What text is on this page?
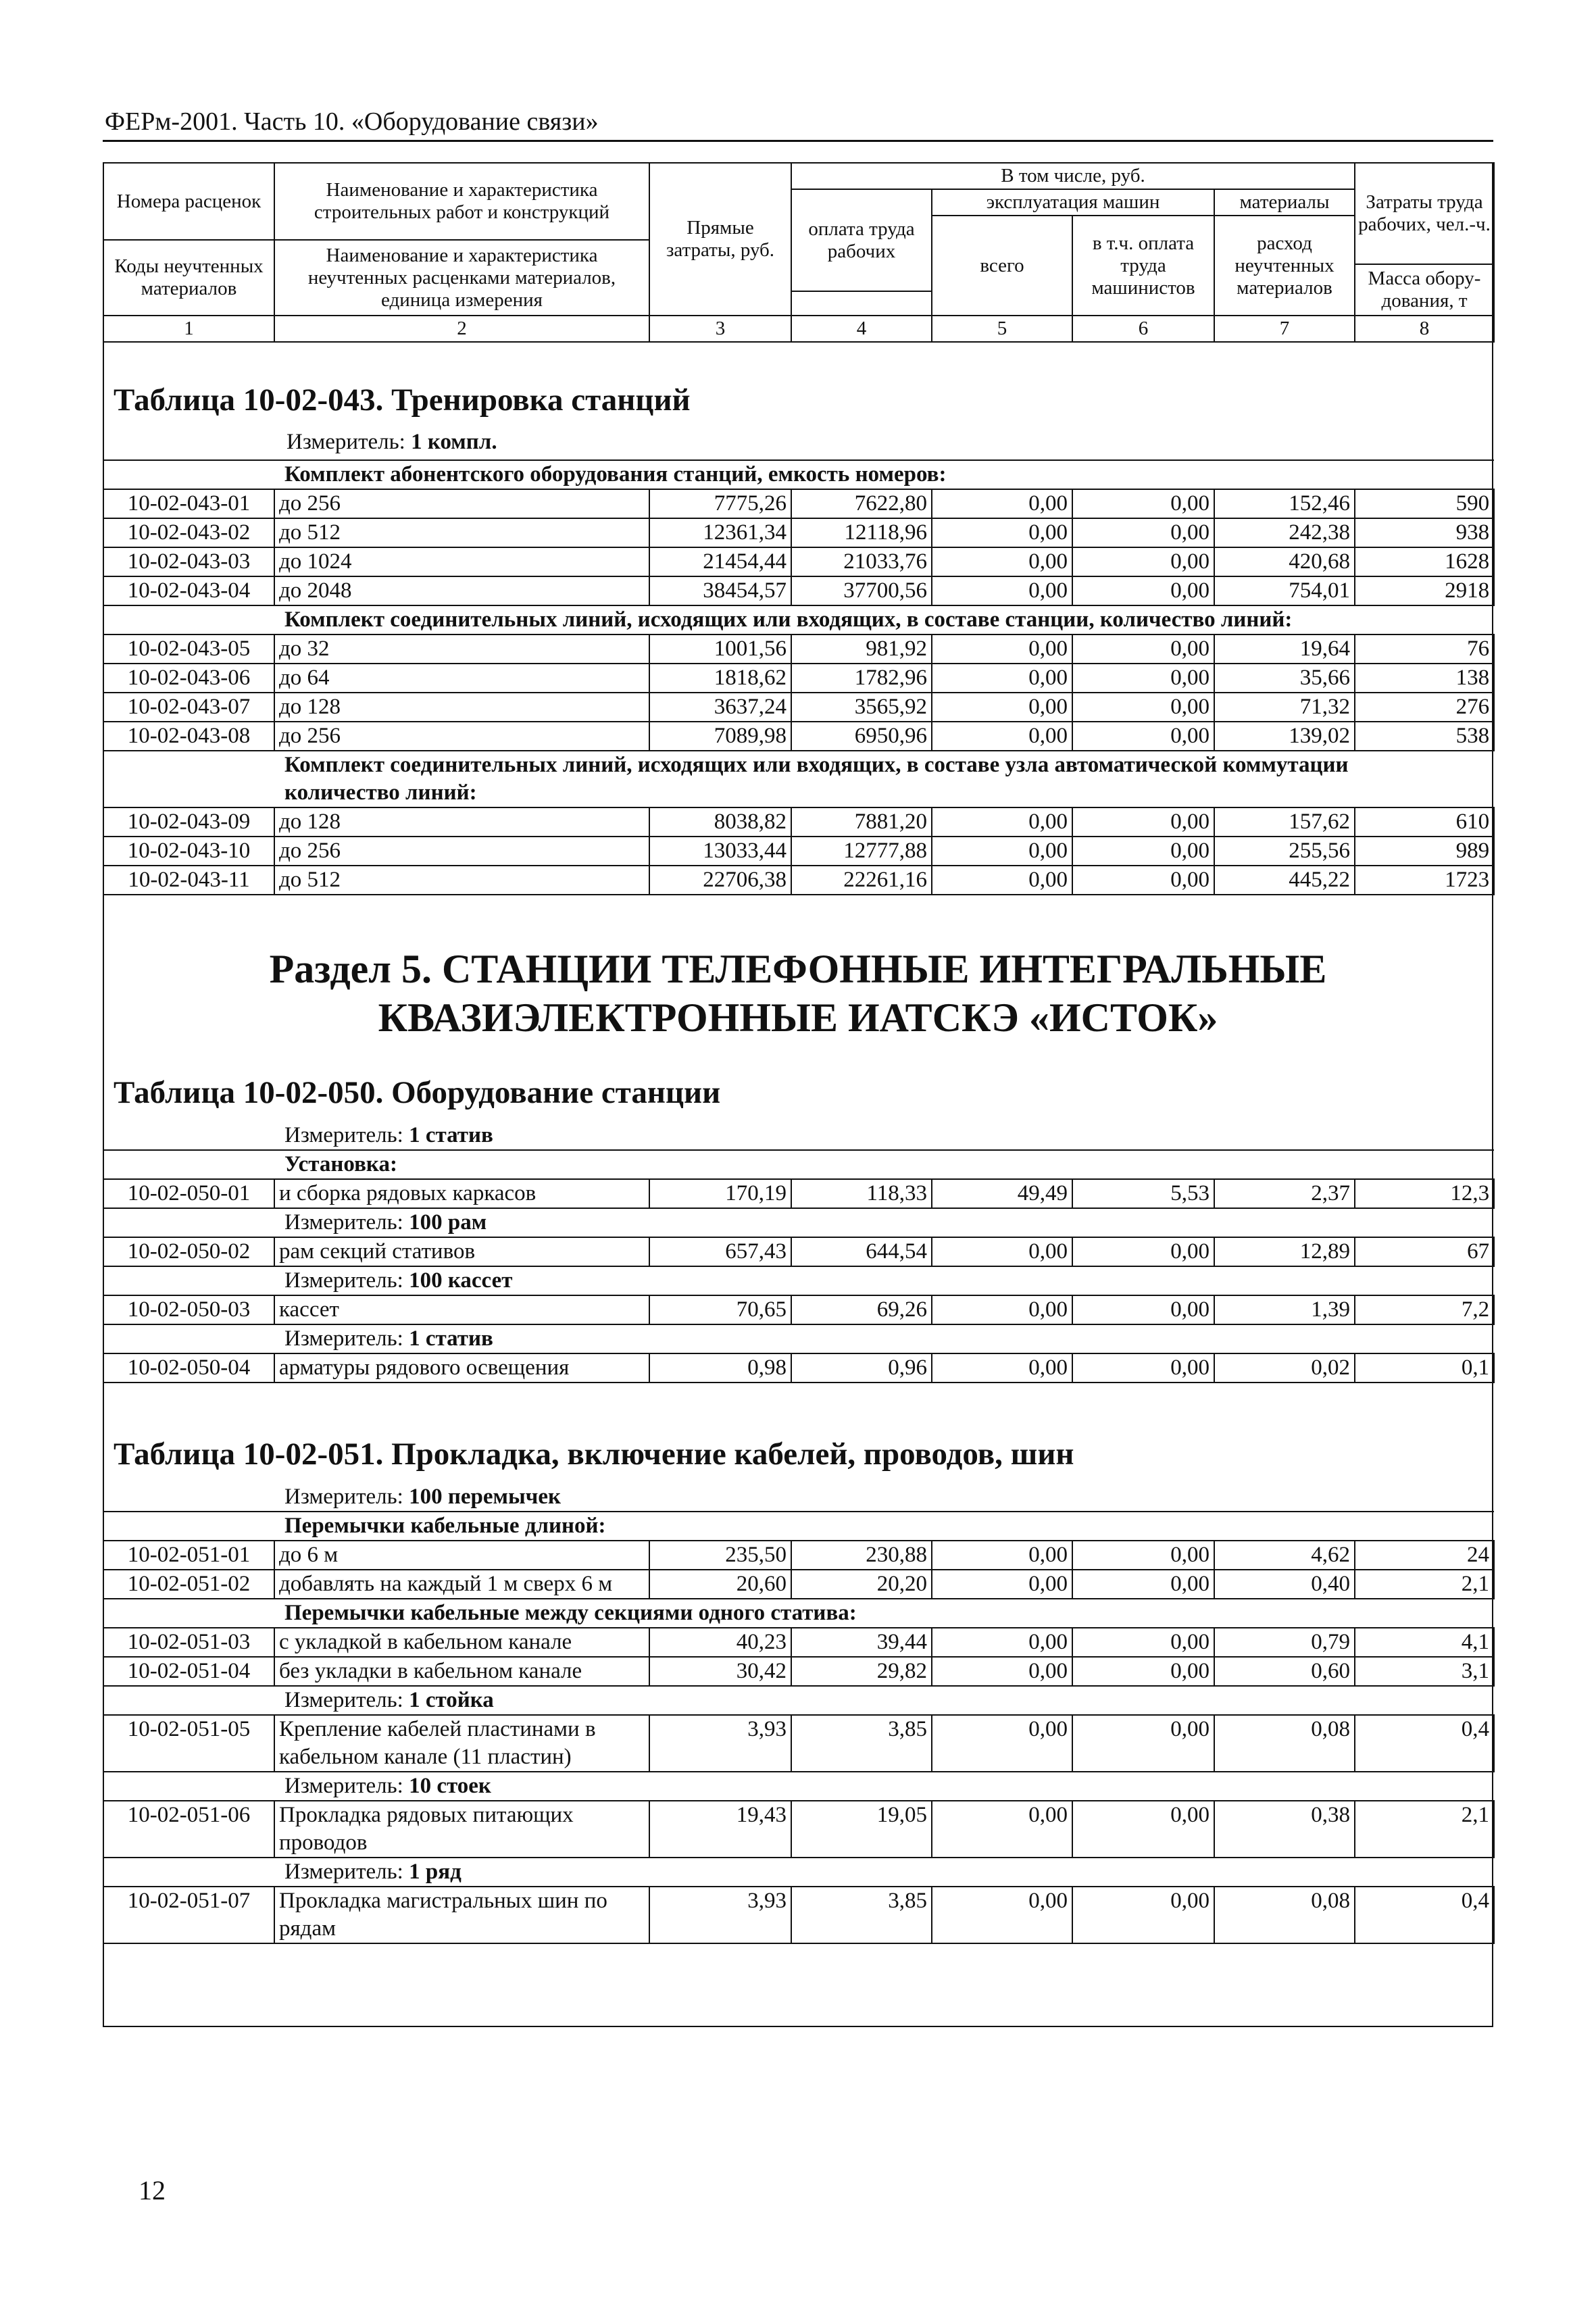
ФЕРм-2001. Часть 10. «Оборудование связи»
Номера расценок	Наименование и характеристика строительных работ и конструкций	Прямые затраты, руб.	В том числе, руб.				Затраты труда рабочих, чел.-ч.
			оплата труда рабочих	эксплуатация машин		материалы	
				всего	в т.ч. оплата труда машинистов	расход неучтенных материалов	
Коды неучтенных материалов	Наименование и характеристика неучтенных расценками материалов, единица измерения						
							Масса обору-дования, т

1	2	3	4	5	6	7	8
Таблица 10-02-043. Тренировка станций
Измеритель: 1 компл.
Комплект абонентского оборудования станций, емкость номеров:							
10-02-043-01	до 256	7775,26	7622,80	0,00	0,00	152,46	590
10-02-043-02	до 512	12361,34	12118,96	0,00	0,00	242,38	938
10-02-043-03	до 1024	21454,44	21033,76	0,00	0,00	420,68	1628
10-02-043-04	до 2048	38454,57	37700,56	0,00	0,00	754,01	2918
Комплект соединительных линий, исходящих или входящих, в составе станции, количество линий:							
10-02-043-05	до 32	1001,56	981,92	0,00	0,00	19,64	76
10-02-043-06	до 64	1818,62	1782,96	0,00	0,00	35,66	138
10-02-043-07	до 128	3637,24	3565,92	0,00	0,00	71,32	276
10-02-043-08	до 256	7089,98	6950,96	0,00	0,00	139,02	538
Комплект соединительных линий, исходящих или входящих, в составе узла автоматической коммутации количество линий:							
10-02-043-09	до 128	8038,82	7881,20	0,00	0,00	157,62	610
10-02-043-10	до 256	13033,44	12777,88	0,00	0,00	255,56	989
10-02-043-11	до 512	22706,38	22261,16	0,00	0,00	445,22	1723
Раздел 5. СТАНЦИИ ТЕЛЕФОННЫЕ ИНТЕГРАЛЬНЫЕ
КВАЗИЭЛЕКТРОННЫЕ ИАТСКЭ «ИСТОК»
Таблица 10-02-050. Оборудование станции
Измеритель: 1 статив							
Установка:							
10-02-050-01	и сборка рядовых каркасов	170,19	118,33	49,49	5,53	2,37	12,3
Измеритель: 100 рам							
10-02-050-02	рам секций стативов	657,43	644,54	0,00	0,00	12,89	67
Измеритель: 100 кассет							
10-02-050-03	кассет	70,65	69,26	0,00	0,00	1,39	7,2
Измеритель: 1 статив							
10-02-050-04	арматуры рядового освещения	0,98	0,96	0,00	0,00	0,02	0,1
Таблица 10-02-051. Прокладка, включение кабелей, проводов, шин
Измеритель: 100 перемычек							
Перемычки кабельные длиной:							
10-02-051-01	до 6 м	235,50	230,88	0,00	0,00	4,62	24
10-02-051-02	добавлять на каждый 1 м сверх 6 м	20,60	20,20	0,00	0,00	0,40	2,1
Перемычки кабельные между секциями одного статива:							
10-02-051-03	с укладкой в кабельном канале	40,23	39,44	0,00	0,00	0,79	4,1
10-02-051-04	без укладки в кабельном канале	30,42	29,82	0,00	0,00	0,60	3,1
Измеритель: 1 стойка							
10-02-051-05	Крепление кабелей пластинами в кабельном канале (11 пластин)	3,93	3,85	0,00	0,00	0,08	0,4
Измеритель: 10 стоек							
10-02-051-06	Прокладка рядовых питающих проводов	19,43	19,05	0,00	0,00	0,38	2,1
Измеритель: 1 ряд							
10-02-051-07	Прокладка магистральных шин по рядам	3,93	3,85	0,00	0,00	0,08	0,4
12
